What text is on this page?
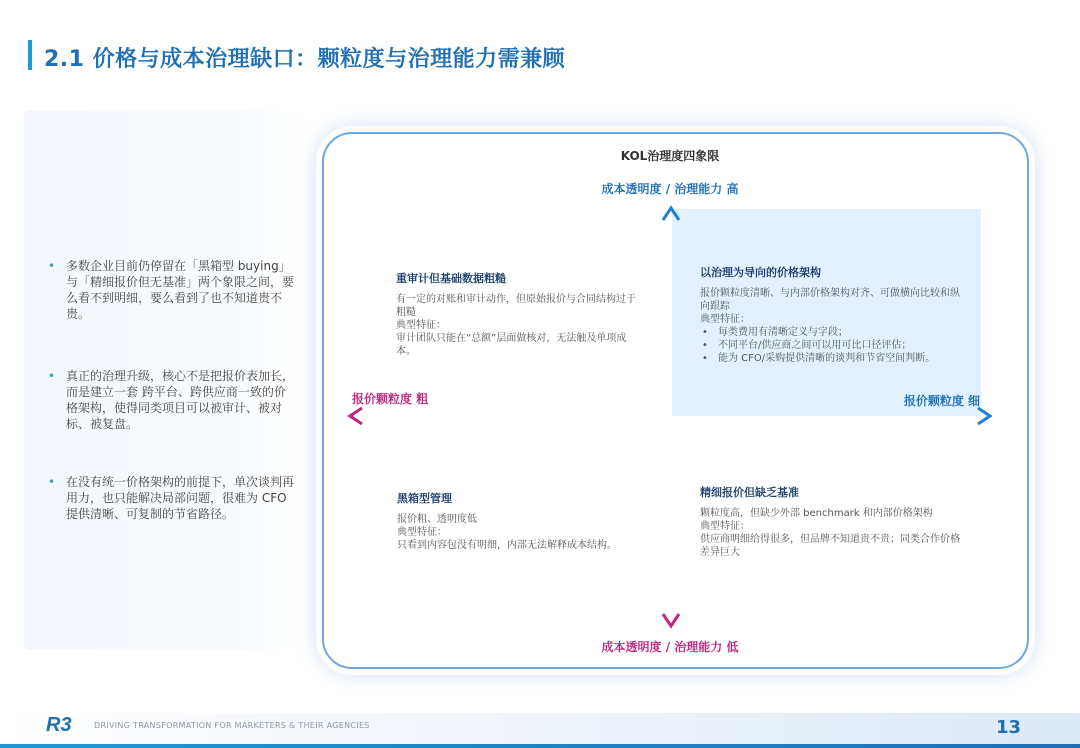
2.1 价格与成本治理缺口：颗粒度与治理能力需兼顾
• 多数企业目前仍停留在「黑箱型 buying」与「精细报价但无基准」两个象限之间，要么看不到明细，要么看到了也不知道贵不贵。
• 真正的治理升级，核心不是把报价表加长，而是建立一套 跨平台、跨供应商一致的价格架构，使得同类项目可以被审计、被对标、被复盘。
• 在没有统一价格架构的前提下，单次谈判再用力，也只能解决局部问题，很难为 CFO 提供清晰、可复制的节省路径。
KOL治理度四象限
成本透明度 / 治理能力 高
成本透明度 / 治理能力 低
报价颗粒度 粗	报价颗粒度 细
重审计但基础数据粗糙
有一定的对账和审计动作，但原始报价与合同结构过于粗糙
典型特征：
审计团队只能在“总额”层面做核对，无法触及单项成本。
以治理为导向的价格架构
报价颗粒度清晰、与内部价格架构对齐、可做横向比较和纵向跟踪
典型特征：
• 每类费用有清晰定义与字段；
• 不同平台/供应商之间可以用可比口径评估；
• 能为 CFO/采购提供清晰的谈判和节省空间判断。
黑箱型管理
报价粗、透明度低
典型特征：
只看到内容包没有明细，内部无法解释成本结构。
精细报价但缺乏基准
颗粒度高，但缺少外部 benchmark 和内部价格架构
典型特征：
供应商明细给得很多，但品牌不知道贵不贵；同类合作价格差异巨大
R3	DRIVING TRANSFORMATION FOR MARKETERS & THEIR AGENCIES	13
